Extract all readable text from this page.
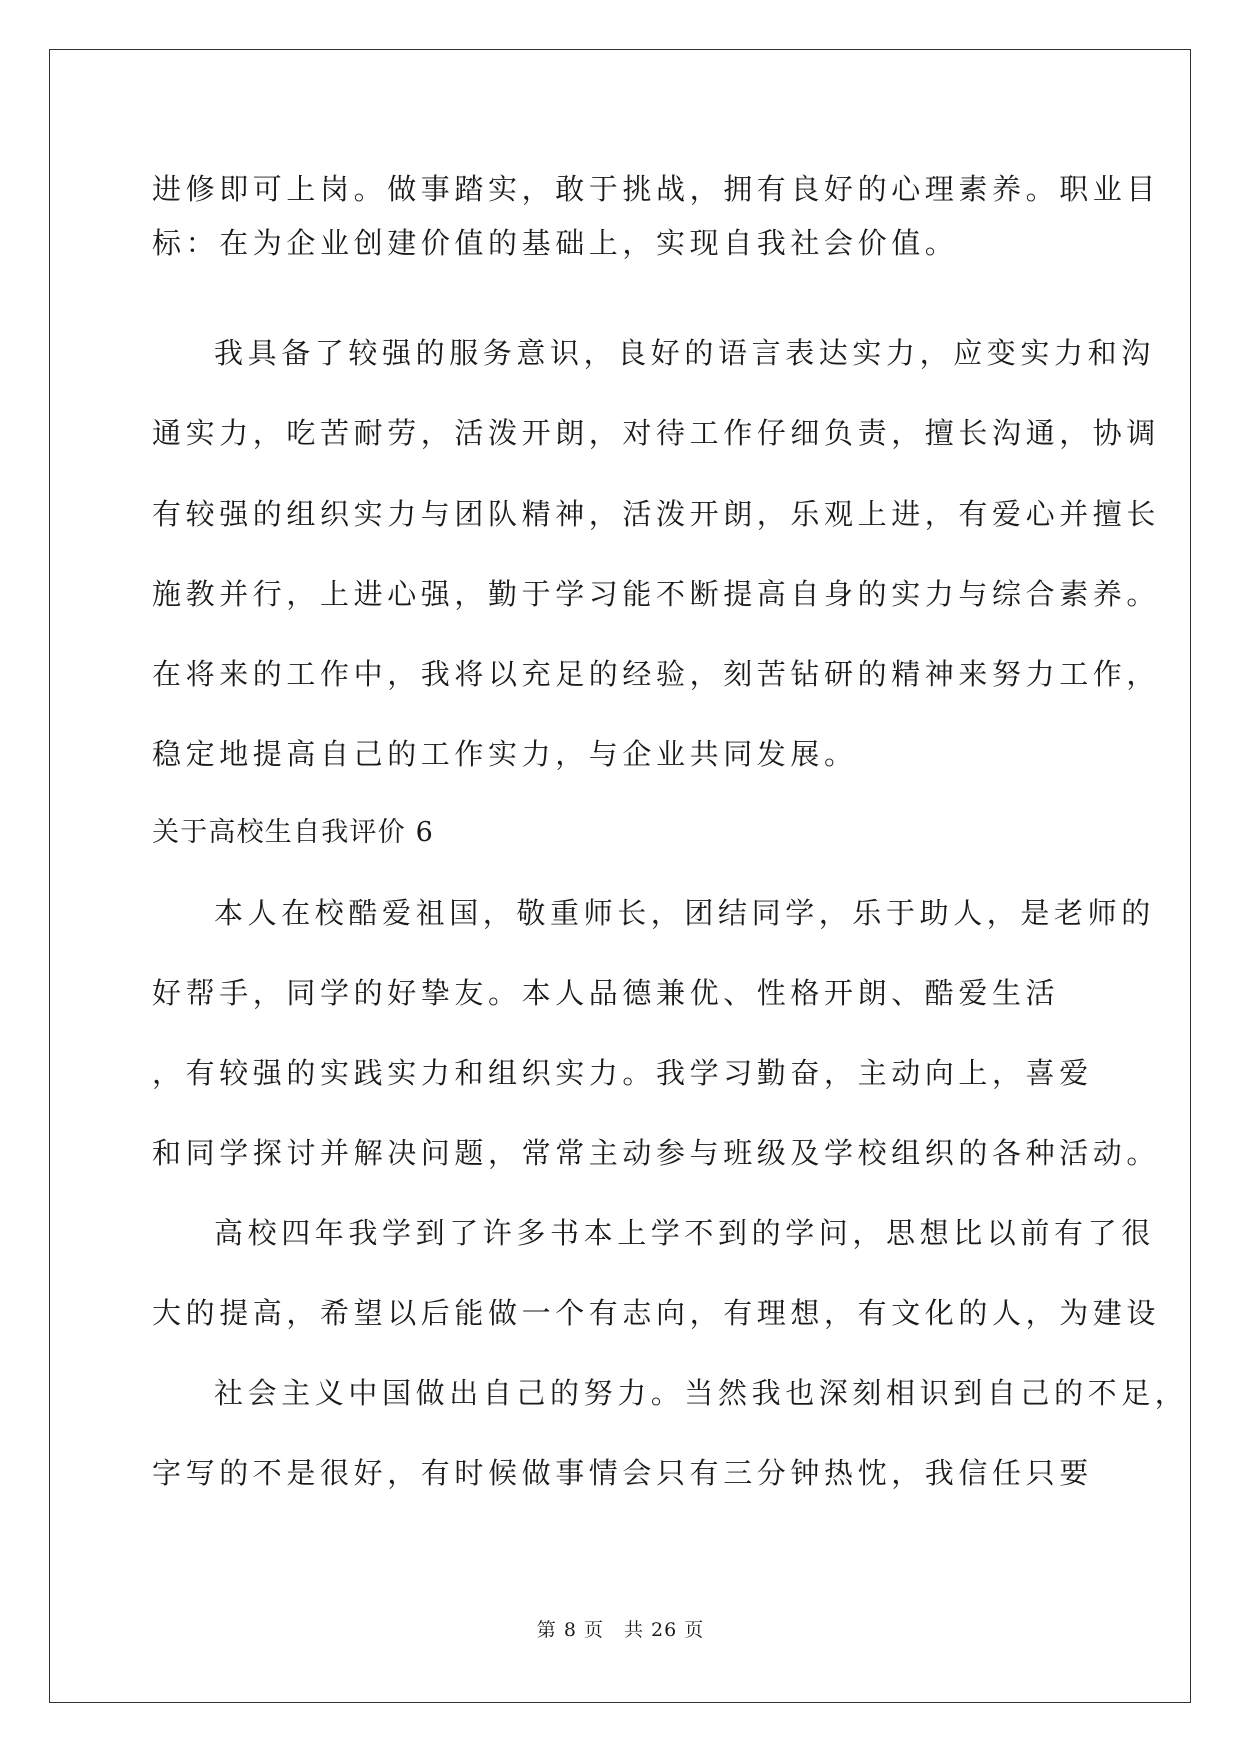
进修即可上岗。做事踏实，敢于挑战，拥有良好的心理素养。职业目
标：在为企业创建价值的基础上，实现自我社会价值。
我具备了较强的服务意识，良好的语言表达实力，应变实力和沟
通实力，吃苦耐劳，活泼开朗，对待工作仔细负责，擅长沟通，协调
有较强的组织实力与团队精神，活泼开朗，乐观上进，有爱心并擅长
施教并行，上进心强，勤于学习能不断提高自身的实力与综合素养。
在将来的工作中，我将以充足的经验，刻苦钻研的精神来努力工作，
稳定地提高自己的工作实力，与企业共同发展。
关于高校生自我评价 6
本人在校酷爱祖国，敬重师长，团结同学，乐于助人，是老师的
好帮手，同学的好挚友。本人品德兼优、性格开朗、酷爱生活
，有较强的实践实力和组织实力。我学习勤奋，主动向上，喜爱
和同学探讨并解决问题，常常主动参与班级及学校组织的各种活动。
高校四年我学到了许多书本上学不到的学问，思想比以前有了很
大的提高，希望以后能做一个有志向，有理想，有文化的人，为建设
社会主义中国做出自己的努力。当然我也深刻相识到自己的不足，
字写的不是很好，有时候做事情会只有三分钟热忱，我信任只要
第 8 页 共 26 页
